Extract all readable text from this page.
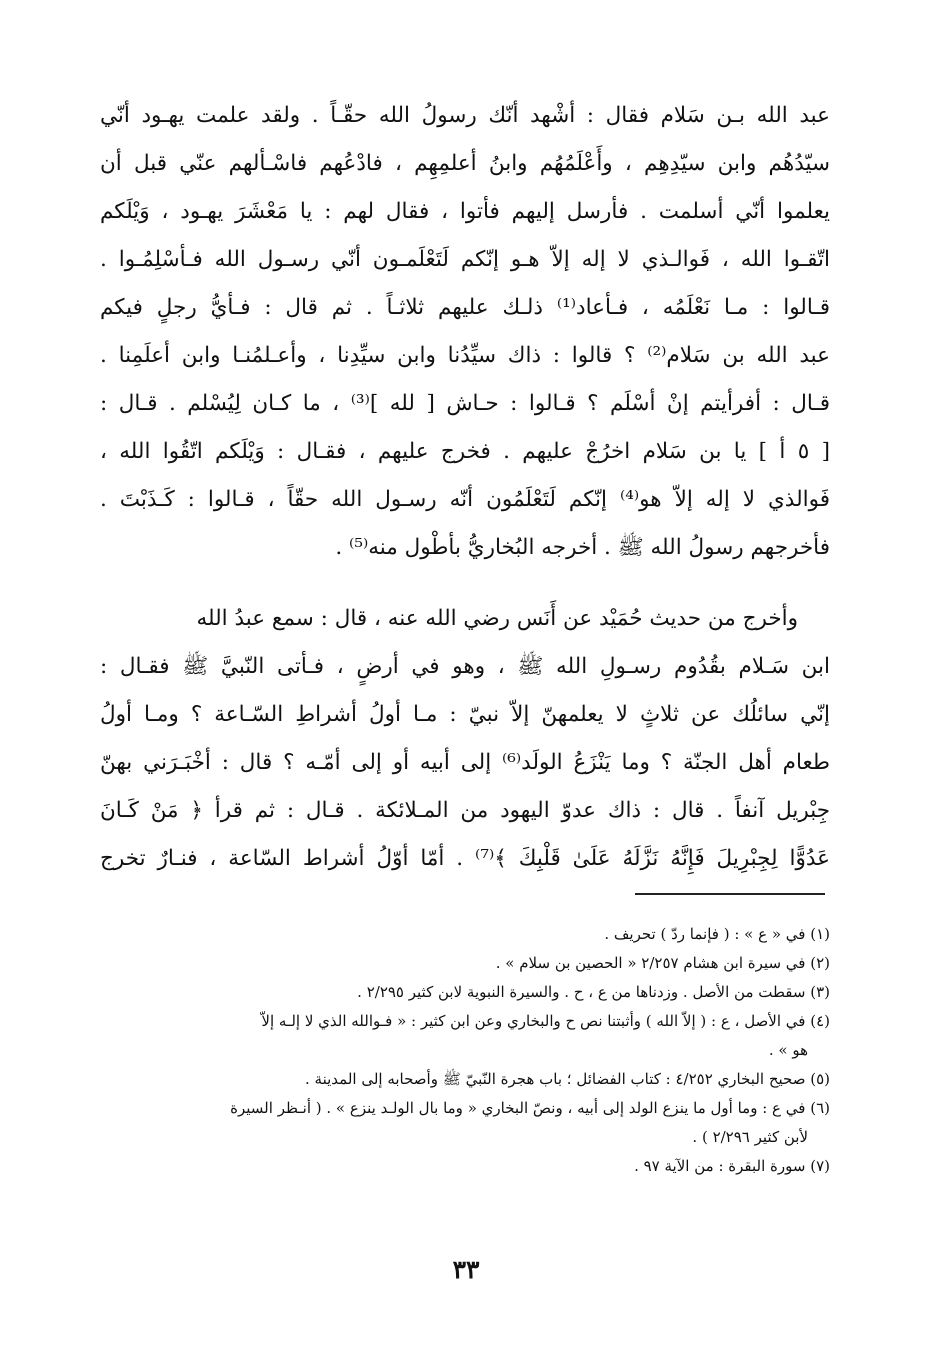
عبد الله بـن سَلام فقال : أشْهد أنّك رسولُ الله حقّـاً . ولقد علمت يهـود أنّي
سيّدُهُم وابن سيّدِهِم ، وأَعْلَمُهُم وابنُ أعلمِهِم ، فادْعُهم فاسْـألهم عنّي قبل أن
يعلموا أنّي أسلمت . فأرسل إليهم فأتوا ، فقال لهم : يا مَعْشَرَ يهـود ، وَيْلَكم
اتّقـوا الله ، فَوالـذي لا إله إلاّ هـو إنّكم لَتَعْلَمـون أنّي رسـول الله فـأسْلِمُـوا .
قـالوا : مـا نَعْلَمُه ، فـأعاد⁽¹⁾ ذلـك عليهم ثلاثـاً . ثم قال : فـأيُّ رجلٍ فيكم
عبد الله بن سَلام⁽²⁾ ؟ قالوا : ذاك سيِّدُنا وابن سيِّدِنا ، وأعـلمُنـا وابن أعلَمِنا .
قـال : أفرأيتم إنْ أسْلَم ؟ قـالوا : حـاش [ لله ]⁽³⁾ ، ما كـان لِيُسْلم . قـال :
[ ٥ أ ] يا بن سَلام اخرُجْ عليهم . فخرج عليهم ، فقـال : وَيْلَكم اتّقُوا الله ،
فَوالذي لا إله إلاّ هو⁽⁴⁾ إنّكم لَتَعْلَمُون أنّه رسـول الله حقّاً ، قـالوا : كَـذَبْتَ .
فأخرجهم رسولُ الله ﷺ . أخرجه البُخاريُّ بأطْول منه⁽⁵⁾ .
وأخرج من حديث حُمَيْد عن أَنَس رضي الله عنه ، قال : سمع عبدُ الله
ابن سَـلام بقُدُوم رسـولِ الله ﷺ ، وهو في أرضٍ ، فـأتى النّبيَّ ﷺ فقـال :
إنّي سائلُك عن ثلاثٍ لا يعلمهنّ إلاّ نبيّ : مـا أولُ أشراطِ السّـاعة ؟ ومـا أولُ
طعام أهل الجنّة ؟ وما يَنْزَعُ الولَد⁽⁶⁾ إلى أبيه أو إلى أمّـه ؟ قال : أخْبَـرَني بهنّ
جِبْريل آنفاً . قال : ذاك عدوّ اليهود من المـلائكة . قـال : ثم قرأ ﴿ مَنْ كَـانَ
عَدُوًّا لِجِبْرِيلَ فَإِنَّهُ نَزَّلَهُ عَلَىٰ قَلْبِكَ ﴾⁽⁷⁾ . أمّا أوّلُ أشراط السّاعة ، فنـارٌ تخرج
(١) في « ع » : ( فإنما ردّ ) تحريف .
(٢) في سيرة ابن هشام ٢/٢٥٧ « الحصين بن سلام » .
(٣) سقطت من الأصل . وزدناها من ع ، ح . والسيرة النبوية لابن كثير ٢/٢٩٥ .
(٤) في الأصل ، ع : ( إلاّ الله ) وأثبتنا نص ح والبخاري وعن ابن كثير : « فـوالله الذي لا إلـه إلاّ
هو » .
(٥) صحيح البخاري ٤/٢٥٢ : كتاب الفضائل ؛ باب هجرة النّبيّ ﷺ وأصحابه إلى المدينة .
(٦) في ع : وما أول ما ينزع الولد إلى أبيه ، ونصّ البخاري « وما بال الولـد ينزع » . ( أنـظر السيرة
لأبن كثير ٢/٢٩٦ ) .
(٧) سورة البقرة : من الآية ٩٧ .
٣٣
